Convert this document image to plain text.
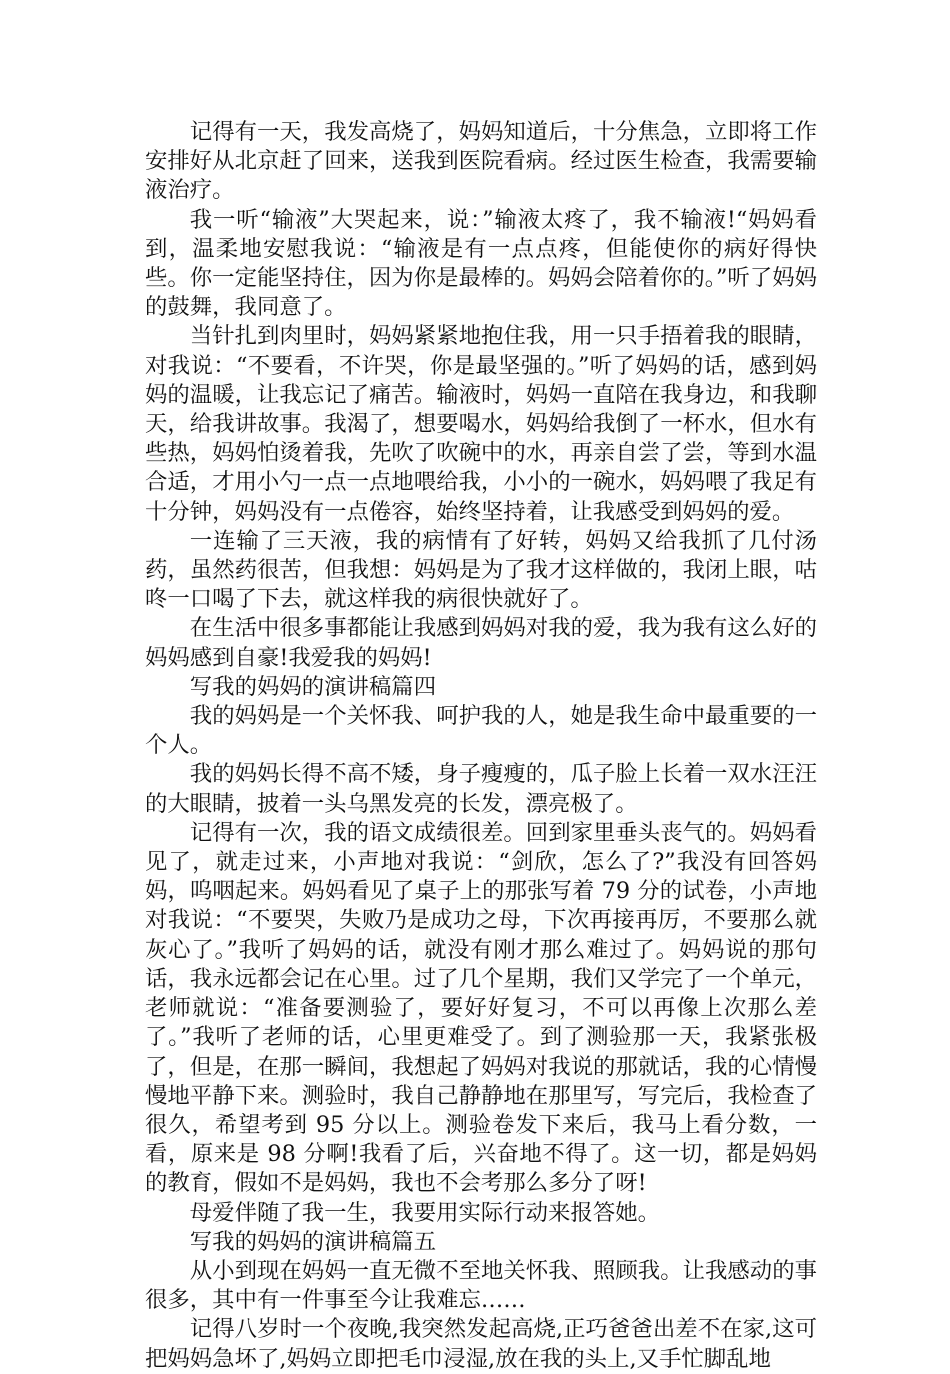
记得有一天，我发高烧了，妈妈知道后，十分焦急，立即将工作安排好从北京赶了回来，送我到医院看病。经过医生检查，我需要输液治疗。

我一听“输液”大哭起来，说：”输液太疼了，我不输液!“妈妈看到，温柔地安慰我说：“输液是有一点点疼，但能使你的病好得快些。你一定能坚持住，因为你是最棒的。妈妈会陪着你的。”听了妈妈的鼓舞，我同意了。

当针扎到肉里时，妈妈紧紧地抱住我，用一只手捂着我的眼睛，对我说：“不要看，不许哭，你是最坚强的。”听了妈妈的话，感到妈妈的温暖，让我忘记了痛苦。输液时，妈妈一直陪在我身边，和我聊天，给我讲故事。我渴了，想要喝水，妈妈给我倒了一杯水，但水有些热，妈妈怕烫着我，先吹了吹碗中的水，再亲自尝了尝，等到水温合适，才用小勺一点一点地喂给我，小小的一碗水，妈妈喂了我足有十分钟，妈妈没有一点倦容，始终坚持着，让我感受到妈妈的爱。

一连输了三天液，我的病情有了好转，妈妈又给我抓了几付汤药，虽然药很苦，但我想：妈妈是为了我才这样做的，我闭上眼，咕咚一口喝了下去，就这样我的病很快就好了。

在生活中很多事都能让我感到妈妈对我的爱，我为我有这么好的妈妈感到自豪!我爱我的妈妈!

写我的妈妈的演讲稿篇四

我的妈妈是一个关怀我、呵护我的人，她是我生命中最重要的一个人。

我的妈妈长得不高不矮，身子瘦瘦的，瓜子脸上长着一双水汪汪的大眼睛，披着一头乌黑发亮的长发，漂亮极了。

记得有一次，我的语文成绩很差。回到家里垂头丧气的。妈妈看见了，就走过来，小声地对我说：“剑欣，怎么了?”我没有回答妈妈，呜咽起来。妈妈看见了桌子上的那张写着 79 分的试卷，小声地对我说：“不要哭，失败乃是成功之母，下次再接再厉，不要那么就灰心了。”我听了妈妈的话，就没有刚才那么难过了。妈妈说的那句话，我永远都会记在心里。过了几个星期，我们又学完了一个单元，老师就说：“准备要测验了，要好好复习，不可以再像上次那么差了。”我听了老师的话，心里更难受了。到了测验那一天，我紧张极了，但是，在那一瞬间，我想起了妈妈对我说的那就话，我的心情慢慢地平静下来。测验时，我自己静静地在那里写，写完后，我检查了很久，希望考到 95 分以上。测验卷发下来后，我马上看分数，一看，原来是 98 分啊!我看了后，兴奋地不得了。这一切，都是妈妈的教育，假如不是妈妈，我也不会考那么多分了呀!

母爱伴随了我一生，我要用实际行动来报答她。

写我的妈妈的演讲稿篇五

从小到现在妈妈一直无微不至地关怀我、照顾我。让我感动的事很多，其中有一件事至今让我难忘……

记得八岁时一个夜晚,我突然发起高烧,正巧爸爸出差不在家,这可把妈妈急坏了,妈妈立即把毛巾浸湿,放在我的头上,又手忙脚乱地
